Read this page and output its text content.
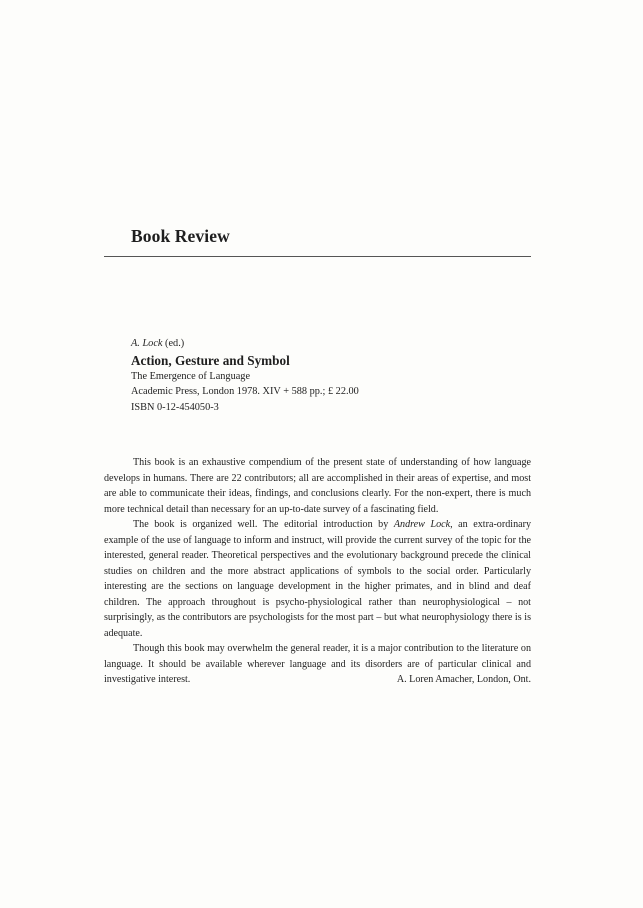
Book Review
A. Lock (ed.)
Action, Gesture and Symbol
The Emergence of Language
Academic Press, London 1978. XIV + 588 pp.; £ 22.00
ISBN 0-12-454050-3

This book is an exhaustive compendium of the present state of understanding of how language develops in humans. There are 22 contributors; all are accomplished in their areas of expertise, and most are able to communicate their ideas, findings, and conclusions clearly. For the non-expert, there is much more technical detail than necessary for an up-to-date survey of a fascinating field.

The book is organized well. The editorial introduction by Andrew Lock, an extra-ordinary example of the use of language to inform and instruct, will provide the current survey of the topic for the interested, general reader. Theoretical perspectives and the evolutionary background precede the clinical studies on children and the more abstract applications of symbols to the social order. Particularly interesting are the sections on language development in the higher primates, and in blind and deaf children. The approach throughout is psycho-physiological rather than neurophysiological – not surprisingly, as the contributors are psychologists for the most part – but what neurophysiology there is is adequate.

Though this book may overwhelm the general reader, it is a major contribution to the literature on language. It should be available wherever language and its disorders are of particular clinical and investigative interest.	A. Loren Amacher, London, Ont.
